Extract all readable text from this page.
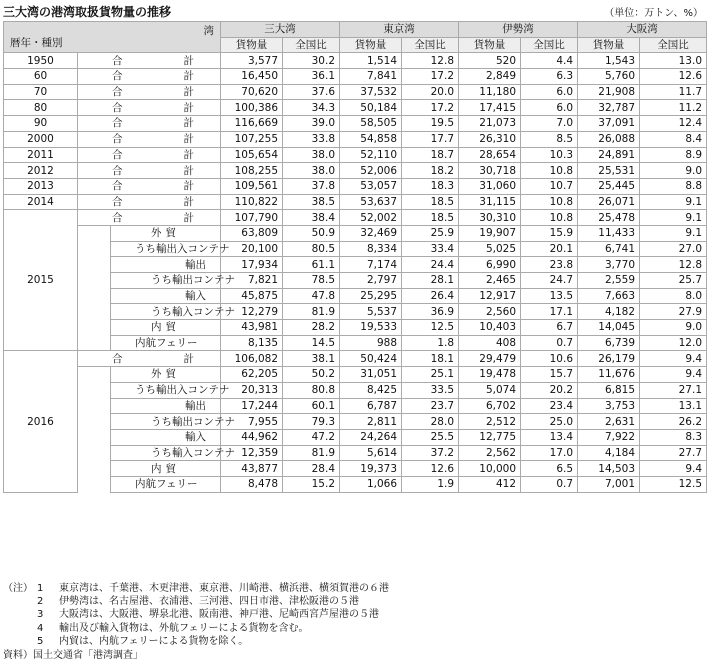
三大湾の港湾取扱貨物量の推移	（単位：万トン、%）
湾
暦年・種別			三大湾		東京湾		伊勢湾		大阪湾	
			貨物量	全国比	貨物量	全国比	貨物量	全国比	貨物量	全国比
1950	合 計		3,577	30.2	1,514	12.8	520	4.4	1,543	13.0
60	合 計		16,450	36.1	7,841	17.2	2,849	6.3	5,760	12.6
70	合 計		70,620	37.6	37,532	20.0	11,180	6.0	21,908	11.7
80	合 計		100,386	34.3	50,184	17.2	17,415	6.0	32,787	11.2
90	合 計		116,669	39.0	58,505	19.5	21,073	7.0	37,091	12.4
2000	合 計		107,255	33.8	54,858	17.7	26,310	8.5	26,088	8.4
2011	合 計		105,654	38.0	52,110	18.7	28,654	10.3	24,891	8.9
2012	合 計		108,255	38.0	52,006	18.2	30,718	10.8	25,531	9.0
2013	合 計		109,561	37.8	53,057	18.3	31,060	10.7	25,445	8.8
2014	合 計		110,822	38.5	53,637	18.5	31,115	10.8	26,071	9.1
2015	合 計		107,790	38.4	52,002	18.5	30,310	10.8	25,478	9.1

		外 貿	63,809	50.9	32,469	25.9	19,907	15.9	11,433	9.1

		うち輸出入コンテナ	20,100	80.5	8,334	33.4	5,025	20.1	6,741	27.0

		輸 出	17,934	61.1	7,174	24.4	6,990	23.8	3,770	12.8

		うち輸出コンテナ	7,821	78.5	2,797	28.1	2,465	24.7	2,559	25.7

		輸 入	45,875	47.8	25,295	26.4	12,917	13.5	7,663	8.0

		うち輸入コンテナ	12,279	81.9	5,537	36.9	2,560	17.1	4,182	27.9

		内 貿	43,981	28.2	19,533	12.5	10,403	6.7	14,045	9.0

		内航フェリー	8,135	14.5	988	1.8	408	0.7	6,739	12.0
2016	合 計		106,082	38.1	50,424	18.1	29,479	10.6	26,179	9.4

		外 貿	62,205	50.2	31,051	25.1	19,478	15.7	11,676	9.4

		うち輸出入コンテナ	20,313	80.8	8,425	33.5	5,074	20.2	6,815	27.1

		輸 出	17,244	60.1	6,787	23.7	6,702	23.4	3,753	13.1

		うち輸出コンテナ	7,955	79.3	2,811	28.0	2,512	25.0	2,631	26.2

		輸 入	44,962	47.2	24,264	25.5	12,775	13.4	7,922	8.3

		うち輸入コンテナ	12,359	81.9	5,614	37.2	2,562	17.0	4,184	27.7

		内 貿	43,877	28.4	19,373	12.6	10,000	6.5	14,503	9.4

		内航フェリー	8,478	15.2	1,066	1.9	412	0.7	7,001	12.5
（注） 1	東京湾は、千葉港、木更津港、東京港、川崎港、横浜港、横須賀港の６港
2	伊勢湾は、名古屋港、衣浦港、三河港、四日市港、津松阪港の５港
3	大阪湾は、大阪港、堺泉北港、阪南港、神戸港、尼崎西宮芦屋港の５港
4	輸出及び輸入貨物は、外航フェリーによる貨物を含む。
5	内貿は、内航フェリーによる貨物を除く。
資料） 国土交通省「港湾調査」
